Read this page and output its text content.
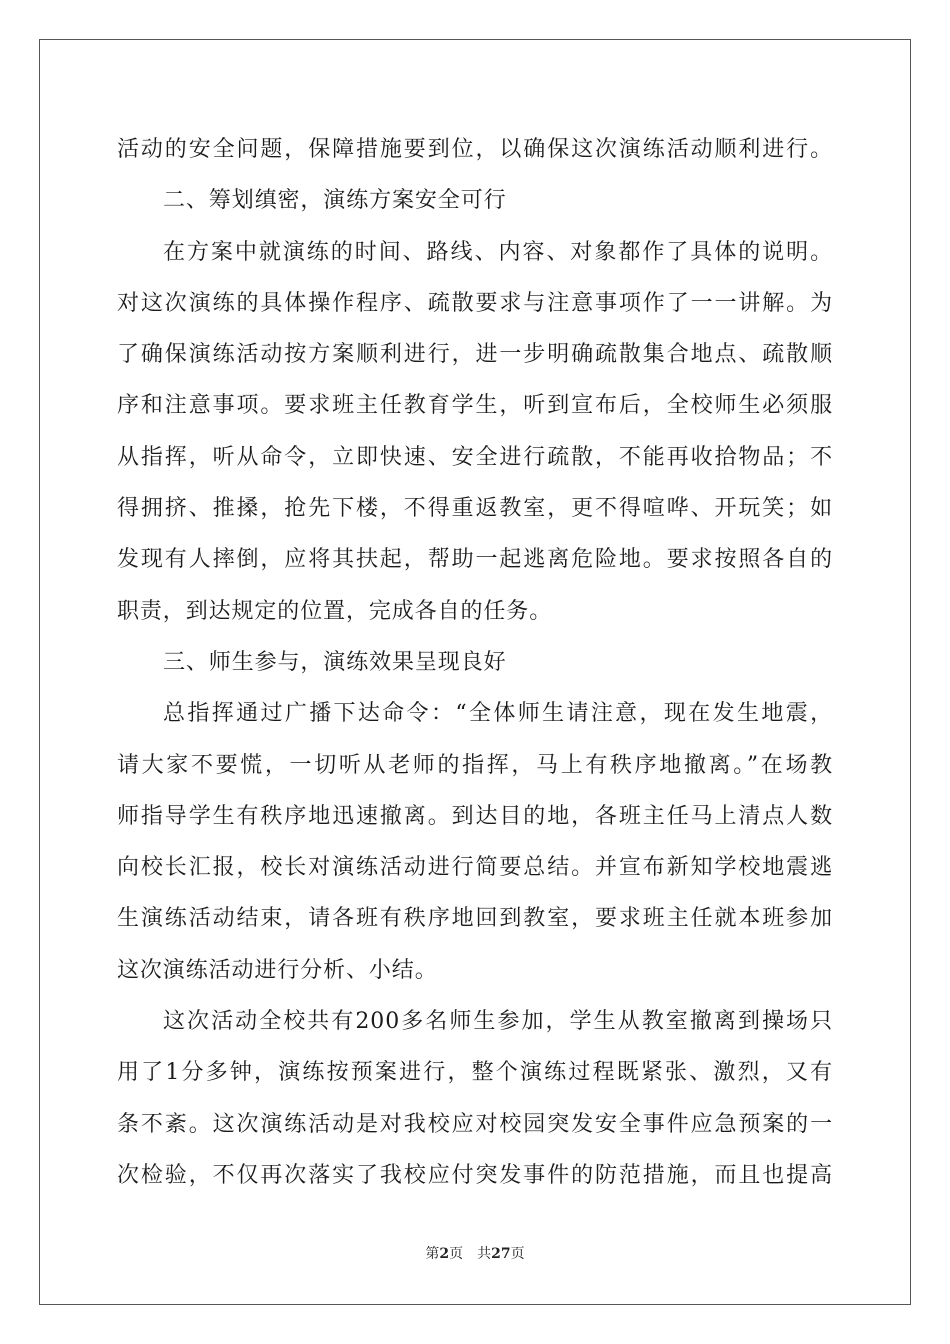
活动的安全问题，保障措施要到位，以确保这次演练活动顺利进行。
二、筹划缜密，演练方案安全可行
在方案中就演练的时间、路线、内容、对象都作了具体的说明。
对这次演练的具体操作程序、疏散要求与注意事项作了一一讲解。为
了确保演练活动按方案顺利进行，进一步明确疏散集合地点、疏散顺
序和注意事项。要求班主任教育学生，听到宣布后，全校师生必须服
从指挥，听从命令，立即快速、安全进行疏散，不能再收拾物品；不
得拥挤、推搡，抢先下楼，不得重返教室，更不得喧哗、开玩笑；如
发现有人摔倒，应将其扶起，帮助一起逃离危险地。要求按照各自的
职责，到达规定的位置，完成各自的任务。
三、师生参与，演练效果呈现良好
总指挥通过广播下达命令：“全体师生请注意，现在发生地震，
请大家不要慌，一切听从老师的指挥，马上有秩序地撤离。”在场教
师指导学生有秩序地迅速撤离。到达目的地，各班主任马上清点人数
向校长汇报，校长对演练活动进行简要总结。并宣布新知学校地震逃
生演练活动结束，请各班有秩序地回到教室，要求班主任就本班参加
这次演练活动进行分析、小结。
这次活动全校共有200多名师生参加，学生从教室撤离到操场只
用了1分多钟，演练按预案进行，整个演练过程既紧张、激烈，又有
条不紊。这次演练活动是对我校应对校园突发安全事件应急预案的一
次检验，不仅再次落实了我校应付突发事件的防范措施，而且也提高
第2页 共27页
